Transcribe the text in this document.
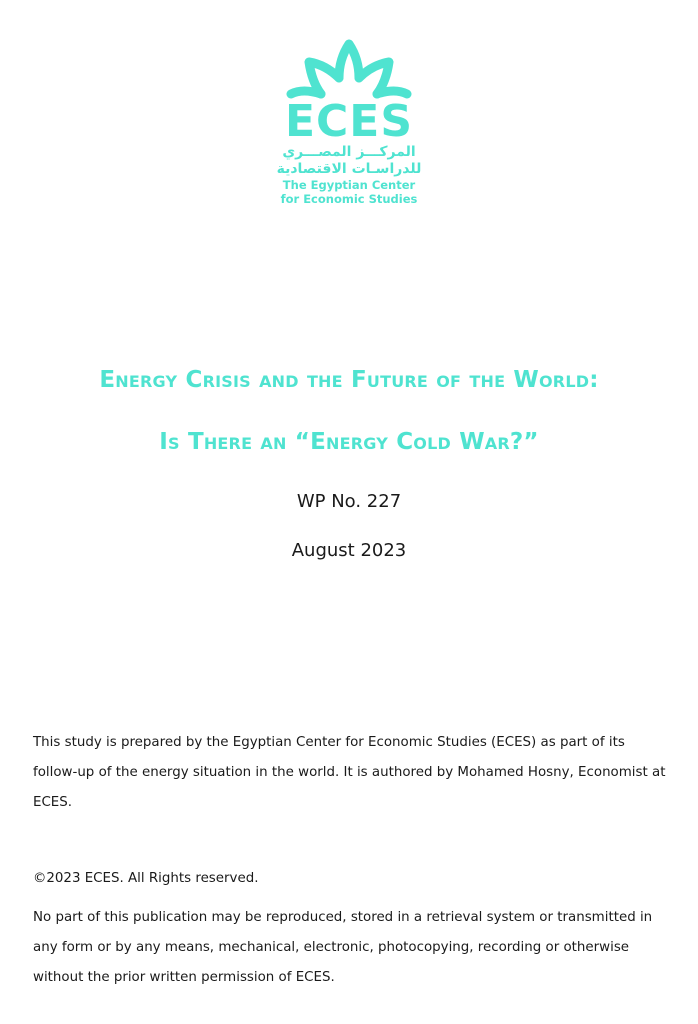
ECES
المركـــز المصـــري
للدراسـات الاقتصادية
The Egyptian Center
for Economic Studies
Energy Crisis and the Future of the World:
Is There an “Energy Cold War?”
WP No. 227
August 2023
This study is prepared by the Egyptian Center for Economic Studies (ECES) as part of its follow-up of the energy situation in the world. It is authored by Mohamed Hosny, Economist at ECES.
©2023 ECES. All Rights reserved.
No part of this publication may be reproduced, stored in a retrieval system or transmitted in any form or by any means, mechanical, electronic, photocopying, recording or otherwise without the prior written permission of ECES.
